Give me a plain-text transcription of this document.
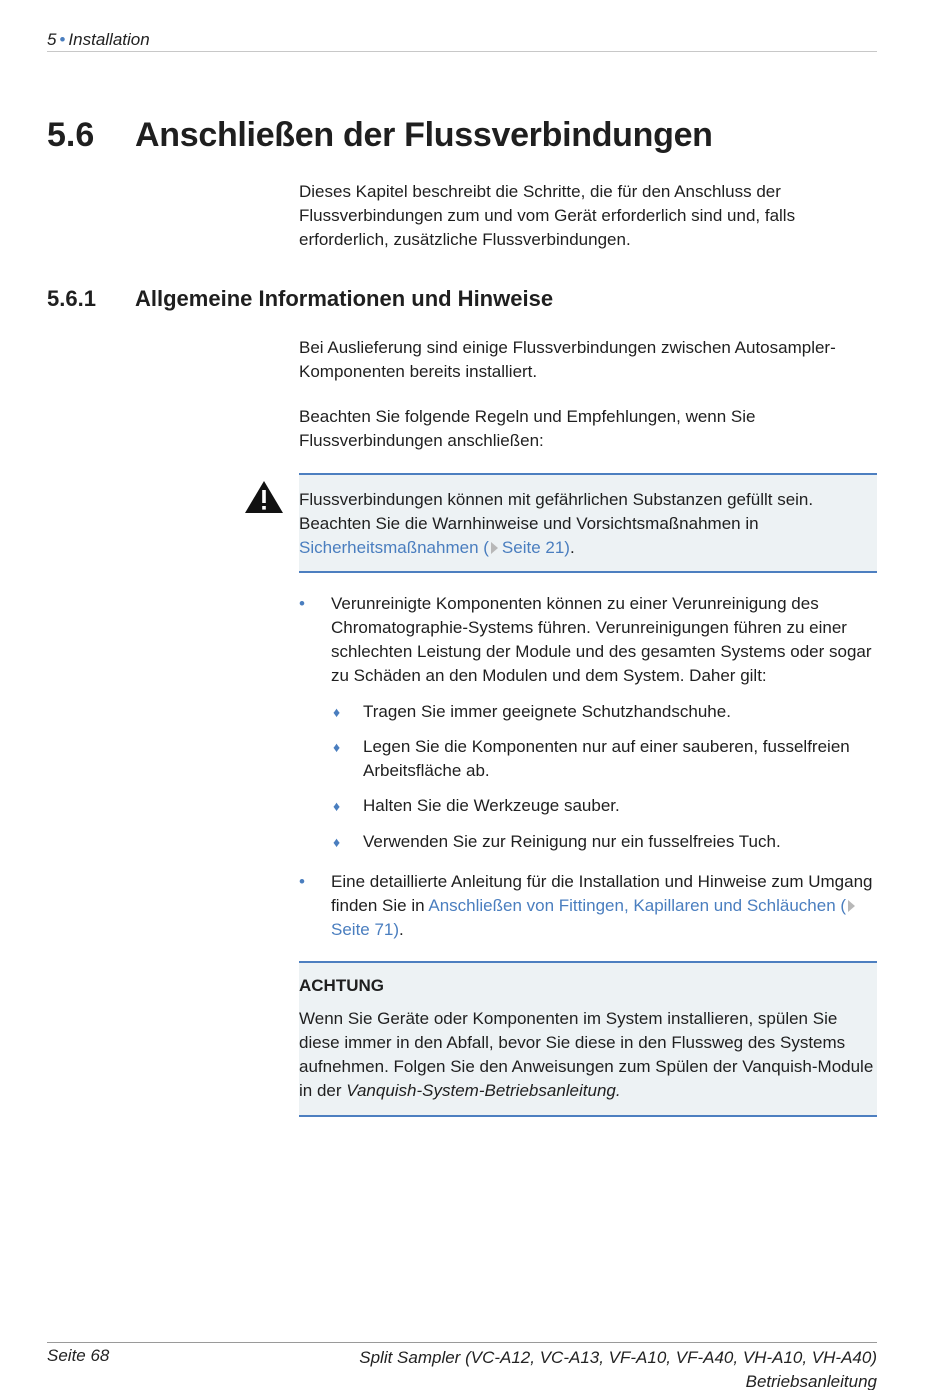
5 • Installation
5.6 Anschließen der Flussverbindungen
Dieses Kapitel beschreibt die Schritte, die für den Anschluss der Flussverbindungen zum und vom Gerät erforderlich sind und, falls erforderlich, zusätzliche Flussverbindungen.
5.6.1 Allgemeine Informationen und Hinweise
Bei Auslieferung sind einige Flussverbindungen zwischen Autosampler-Komponenten bereits installiert.
Beachten Sie folgende Regeln und Empfehlungen, wenn Sie Flussverbindungen anschließen:
Flussverbindungen können mit gefährlichen Substanzen gefüllt sein. Beachten Sie die Warnhinweise und Vorsichtsmaßnahmen in Sicherheitsmaßnahmen ( Seite 21).
• Verunreinigte Komponenten können zu einer Verunreinigung des Chromatographie-Systems führen. Verunreinigungen führen zu einer schlechten Leistung der Module und des gesamten Systems oder sogar zu Schäden an den Modulen und dem System. Daher gilt:
♦ Tragen Sie immer geeignete Schutzhandschuhe.
♦ Legen Sie die Komponenten nur auf einer sauberen, fusselfreien Arbeitsfläche ab.
♦ Halten Sie die Werkzeuge sauber.
♦ Verwenden Sie zur Reinigung nur ein fusselfreies Tuch.
• Eine detaillierte Anleitung für die Installation und Hinweise zum Umgang finden Sie in Anschließen von Fittingen, Kapillaren und Schläuchen (Seite 71).
ACHTUNG
Wenn Sie Geräte oder Komponenten im System installieren, spülen Sie diese immer in den Abfall, bevor Sie diese in den Flussweg des Systems aufnehmen. Folgen Sie den Anweisungen zum Spülen der Vanquish-Module in der Vanquish-System-Betriebsanleitung.
Seite 68	Split Sampler (VC-A12, VC-A13, VF-A10, VF-A40, VH-A10, VH-A40)
Betriebsanleitung
